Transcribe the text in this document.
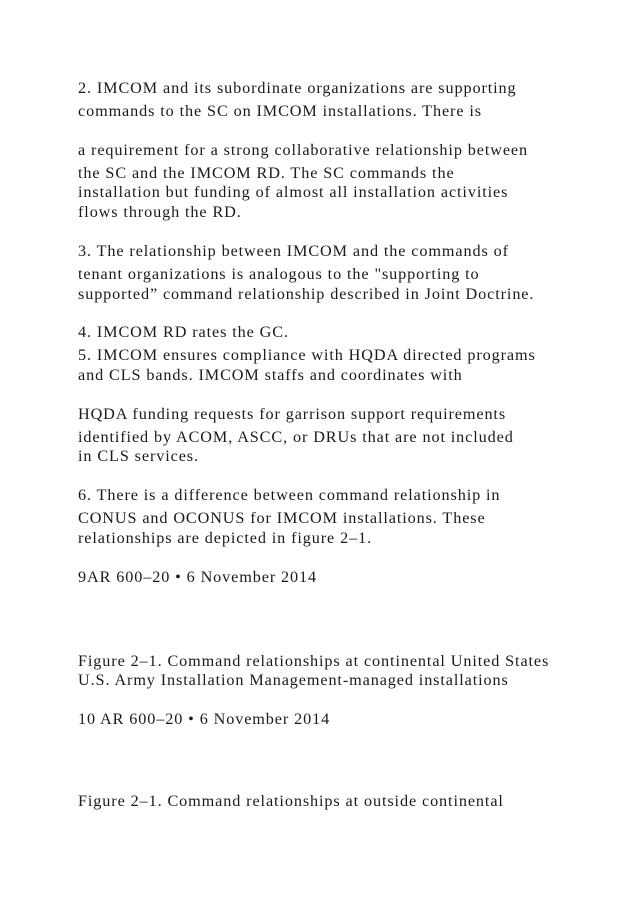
2. IMCOM and its subordinate organizations are supporting
commands to the SC on IMCOM installations. There is
a requirement for a strong collaborative relationship between
the SC and the IMCOM RD. The SC commands the
installation but funding of almost all installation activities
flows through the RD.
3. The relationship between IMCOM and the commands of
tenant organizations is analogous to the "supporting to
supported” command relationship described in Joint Doctrine.
4. IMCOM RD rates the GC.
5. IMCOM ensures compliance with HQDA directed programs
and CLS bands. IMCOM staffs and coordinates with
HQDA funding requests for garrison support requirements
identified by ACOM, ASCC, or DRUs that are not included
in CLS services.
6. There is a difference between command relationship in
CONUS and OCONUS for IMCOM installations. These
relationships are depicted in figure 2–1.
9AR 600–20 • 6 November 2014
Figure 2–1. Command relationships at continental United States
U.S. Army Installation Management-managed installations
10 AR 600–20 • 6 November 2014
Figure 2–1. Command relationships at outside continental
